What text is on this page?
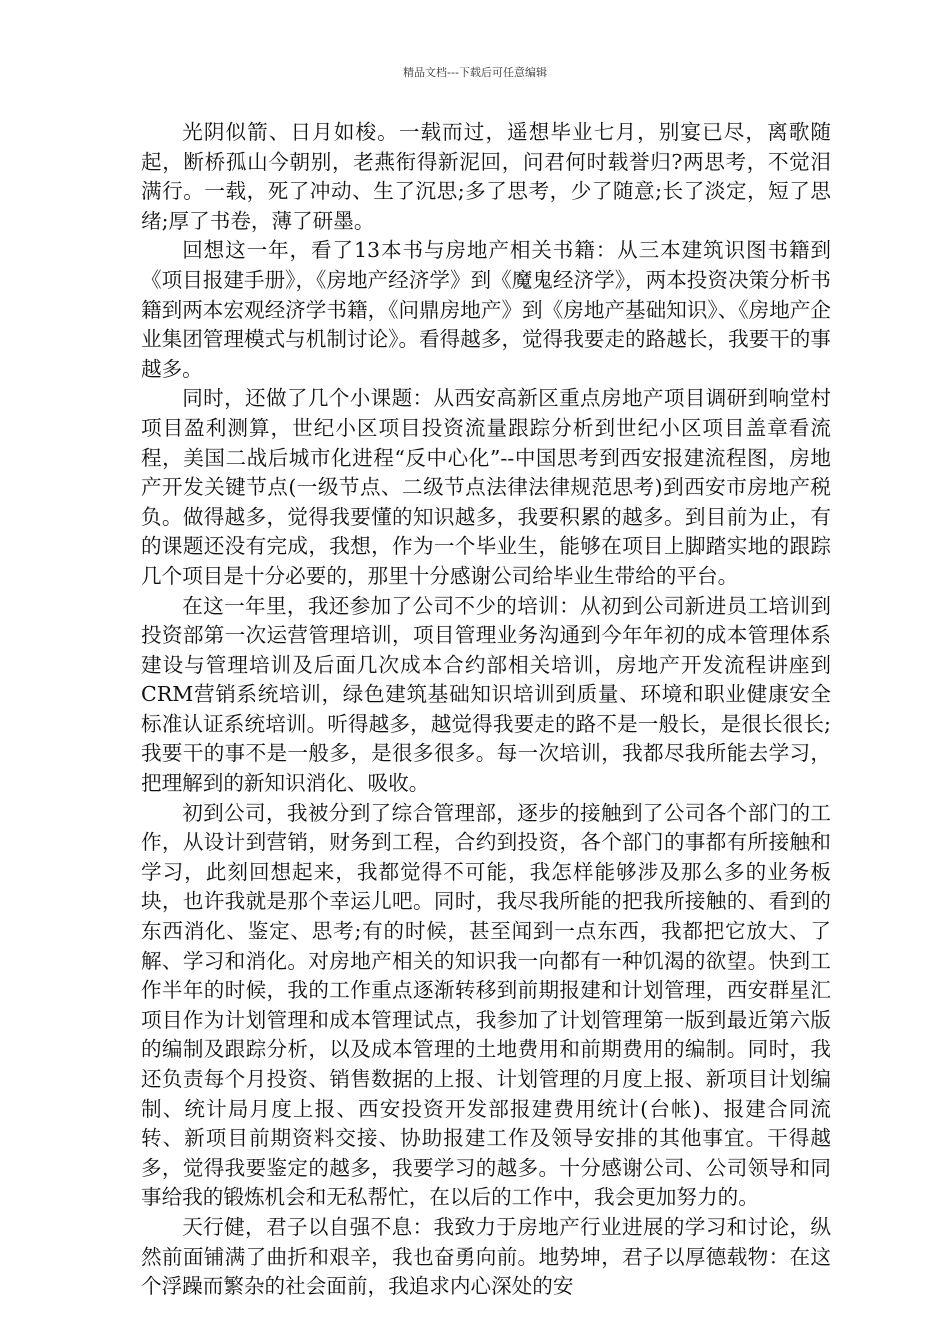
精品文档---下载后可任意编辑

光阴似箭、日月如梭。一载而过，遥想毕业七月，别宴已尽，离歌随起，断桥孤山今朝别，老燕衔得新泥回，问君何时载誉归?两思考，不觉泪满行。一载，死了冲动、生了沉思;多了思考，少了随意;长了淡定，短了思绪;厚了书卷，薄了研墨。

回想这一年，看了13本书与房地产相关书籍：从三本建筑识图书籍到《项目报建手册》，《房地产经济学》到《魔鬼经济学》，两本投资决策分析书籍到两本宏观经济学书籍，《问鼎房地产》到《房地产基础知识》、《房地产企业集团管理模式与机制讨论》。看得越多，觉得我要走的路越长，我要干的事越多。

同时，还做了几个小课题：从西安高新区重点房地产项目调研到响堂村项目盈利测算，世纪小区项目投资流量跟踪分析到世纪小区项目盖章看流程，美国二战后城市化进程“反中心化”--中国思考到西安报建流程图，房地产开发关键节点(一级节点、二级节点法律法律规范思考)到西安市房地产税负。做得越多，觉得我要懂的知识越多，我要积累的越多。到目前为止，有的课题还没有完成，我想，作为一个毕业生，能够在项目上脚踏实地的跟踪几个项目是十分必要的，那里十分感谢公司给毕业生带给的平台。

在这一年里，我还参加了公司不少的培训：从初到公司新进员工培训到投资部第一次运营管理培训，项目管理业务沟通到今年年初的成本管理体系建设与管理培训及后面几次成本合约部相关培训，房地产开发流程讲座到CRM营销系统培训，绿色建筑基础知识培训到质量、环境和职业健康安全标准认证系统培训。听得越多，越觉得我要走的路不是一般长，是很长很长;我要干的事不是一般多，是很多很多。每一次培训，我都尽我所能去学习，把理解到的新知识消化、吸收。

初到公司，我被分到了综合管理部，逐步的接触到了公司各个部门的工作，从设计到营销，财务到工程，合约到投资，各个部门的事都有所接触和学习，此刻回想起来，我都觉得不可能，我怎样能够涉及那么多的业务板块，也许我就是那个幸运儿吧。同时，我尽我所能的把我所接触的、看到的东西消化、鉴定、思考;有的时候，甚至闻到一点东西，我都把它放大、了解、学习和消化。对房地产相关的知识我一向都有一种饥渴的欲望。快到工作半年的时候，我的工作重点逐渐转移到前期报建和计划管理，西安群星汇项目作为计划管理和成本管理试点，我参加了计划管理第一版到最近第六版的编制及跟踪分析，以及成本管理的土地费用和前期费用的编制。同时，我还负责每个月投资、销售数据的上报、计划管理的月度上报、新项目计划编制、统计局月度上报、西安投资开发部报建费用统计(台帐)、报建合同流转、新项目前期资料交接、协助报建工作及领导安排的其他事宜。干得越多，觉得我要鉴定的越多，我要学习的越多。十分感谢公司、公司领导和同事给我的锻炼机会和无私帮忙，在以后的工作中，我会更加努力的。

天行健，君子以自强不息：我致力于房地产行业进展的学习和讨论，纵然前面铺满了曲折和艰辛，我也奋勇向前。地势坤，君子以厚德载物：在这个浮躁而繁杂的社会面前，我追求内心深处的安
